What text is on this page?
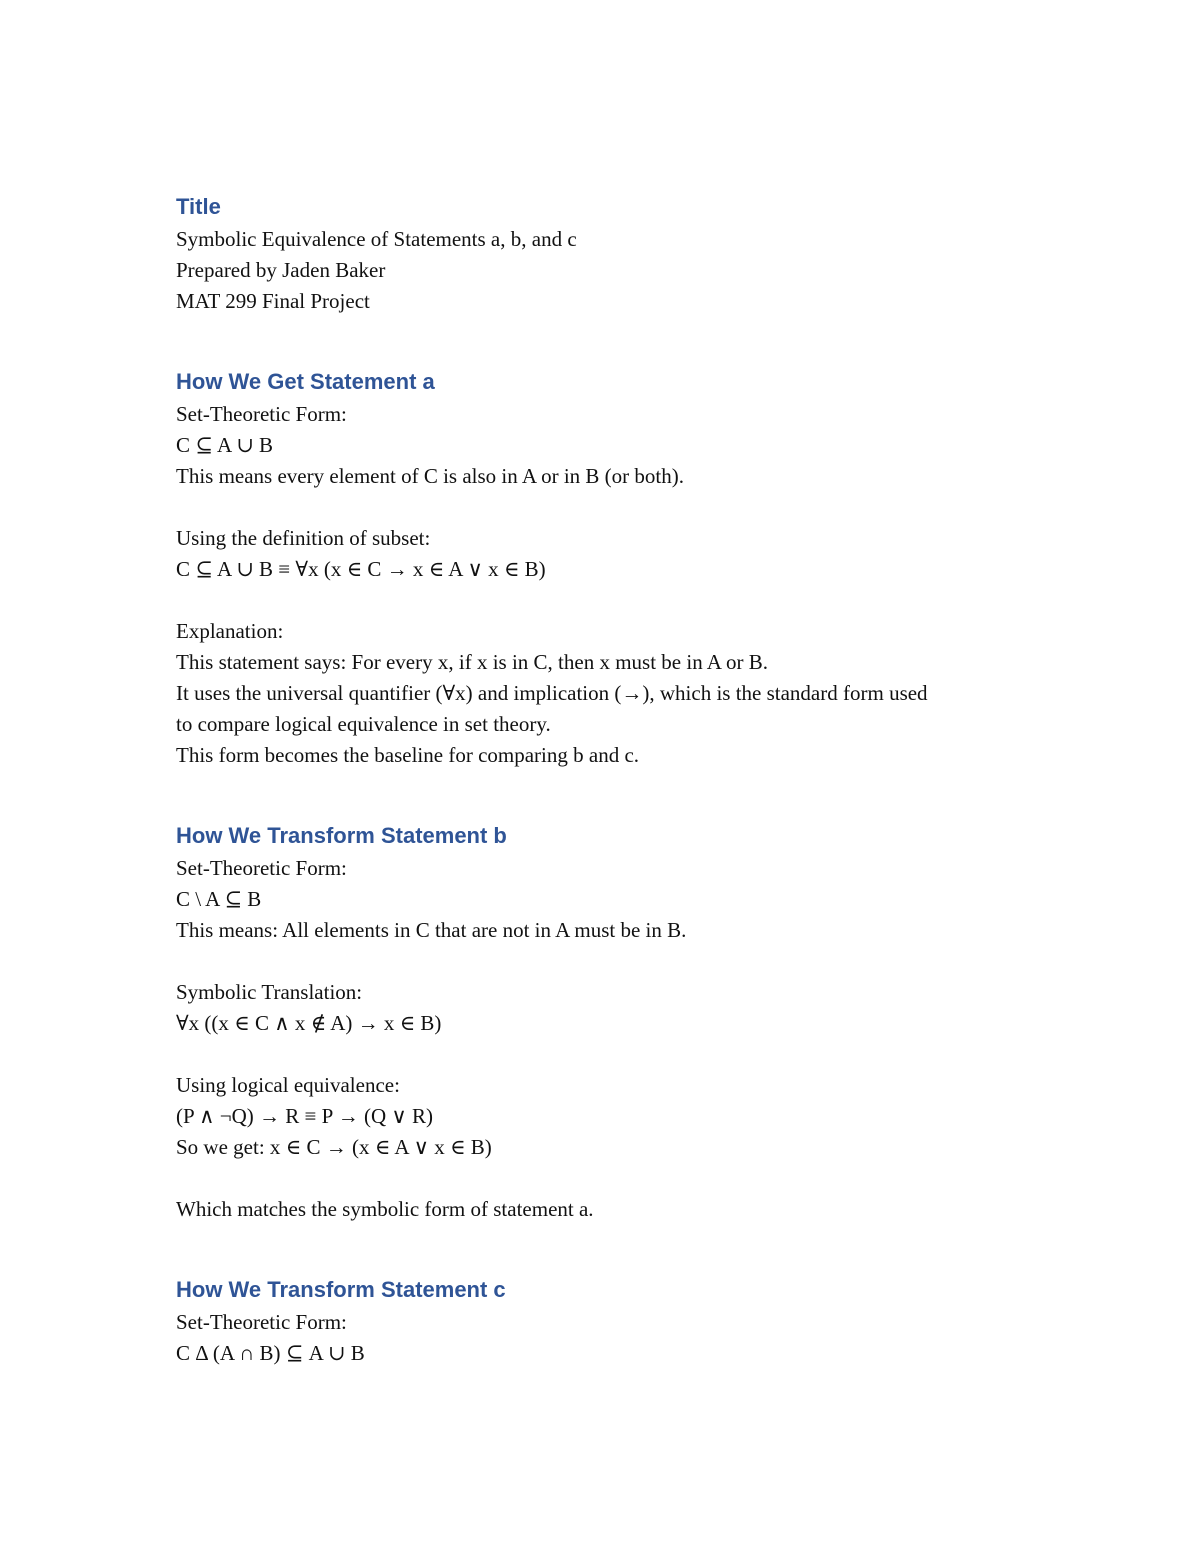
Title

Symbolic Equivalence of Statements a, b, and c

Prepared by Jaden Baker

MAT 299 Final Project

How We Get Statement a

Set-Theoretic Form:

C ⊆ A ∪ B

This means every element of C is also in A or in B (or both).

Using the definition of subset:

C ⊆ A ∪ B ≡ ∀x (x ∈ C → x ∈ A ∨ x ∈ B)

Explanation:

This statement says: For every x, if x is in C, then x must be in A or B.

It uses the universal quantifier (∀x) and implication (→), which is the standard form used

to compare logical equivalence in set theory.

This form becomes the baseline for comparing b and c.

How We Transform Statement b

Set-Theoretic Form:

C \ A ⊆ B

This means: All elements in C that are not in A must be in B.

Symbolic Translation:

∀x ((x ∈ C ∧ x ∉ A) → x ∈ B)

Using logical equivalence:

(P ∧ ¬Q) → R ≡ P → (Q ∨ R)

So we get: x ∈ C → (x ∈ A ∨ x ∈ B)

Which matches the symbolic form of statement a.

How We Transform Statement c

Set-Theoretic Form:

C Δ (A ∩ B) ⊆ A ∪ B
